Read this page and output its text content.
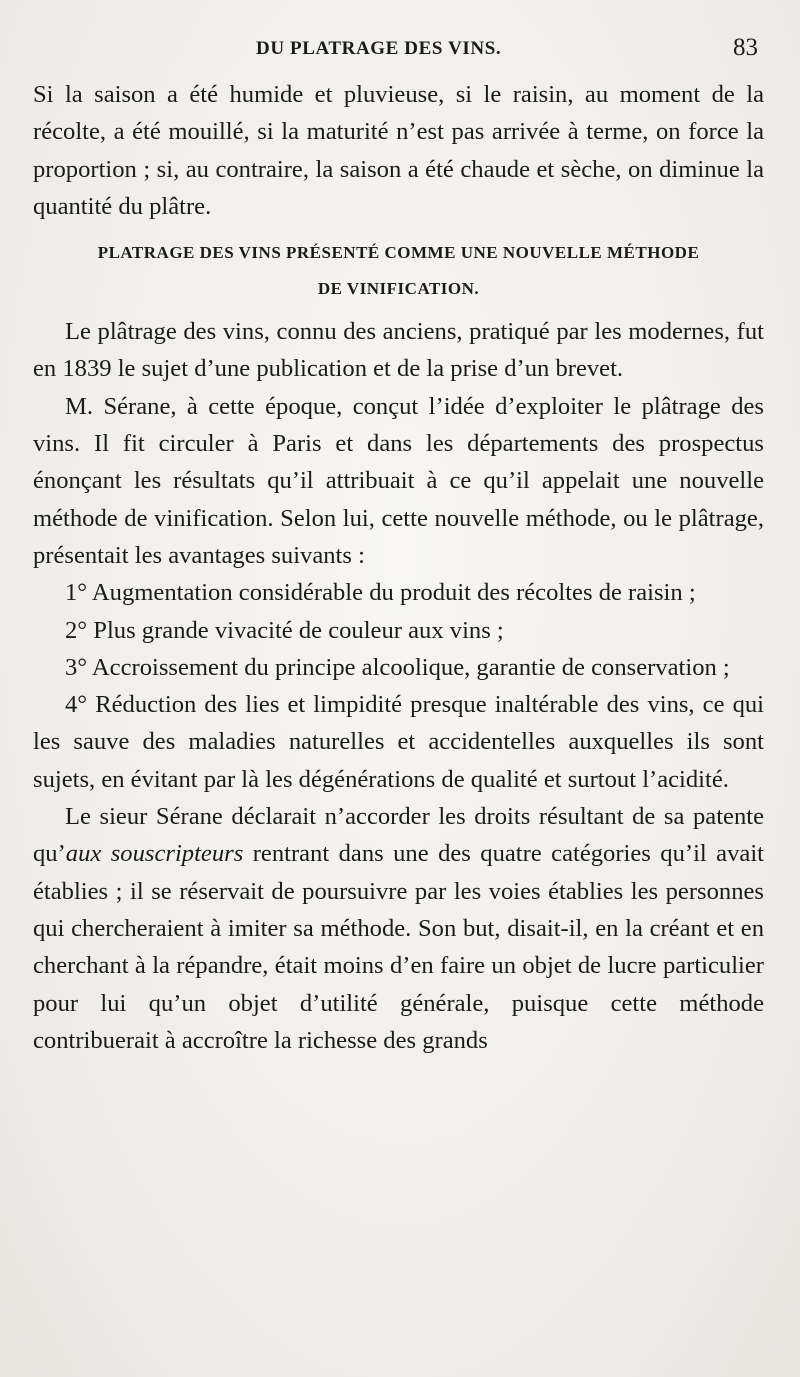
DU PLATRAGE DES VINS.	83

Si la saison a été humide et pluvieuse, si le raisin, au moment de la récolte, a été mouillé, si la maturité n’est pas arrivée à terme, on force la proportion ; si, au contraire, la saison a été chaude et sèche, on diminue la quantité du plâtre.

PLATRAGE DES VINS PRÉSENTÉ COMME UNE NOUVELLE MÉTHODE
DE VINIFICATION.

Le plâtrage des vins, connu des anciens, pratiqué par les modernes, fut en 1839 le sujet d’une publication et de la prise d’un brevet.

M. Sérane, à cette époque, conçut l’idée d’exploiter le plâtrage des vins. Il fit circuler à Paris et dans les départements des prospectus énonçant les résultats qu’il attribuait à ce qu’il appelait une nouvelle méthode de vinification. Selon lui, cette nouvelle méthode, ou le plâtrage, présentait les avantages suivants :

1° Augmentation considérable du produit des récoltes de raisin ;

2° Plus grande vivacité de couleur aux vins ;

3° Accroissement du principe alcoolique, garantie de conservation ;

4° Réduction des lies et limpidité presque inaltérable des vins, ce qui les sauve des maladies naturelles et accidentelles auxquelles ils sont sujets, en évitant par là les dégénérations de qualité et surtout l’acidité.

Le sieur Sérane déclarait n’accorder les droits résultant de sa patente qu’aux souscripteurs rentrant dans une des quatre catégories qu’il avait établies ; il se réservait de poursuivre par les voies établies les personnes qui chercheraient à imiter sa méthode. Son but, disait-il, en la créant et en cherchant à la répandre, était moins d’en faire un objet de lucre particulier pour lui qu’un objet d’utilité générale, puisque cette méthode contribuerait à accroître la richesse des grands
